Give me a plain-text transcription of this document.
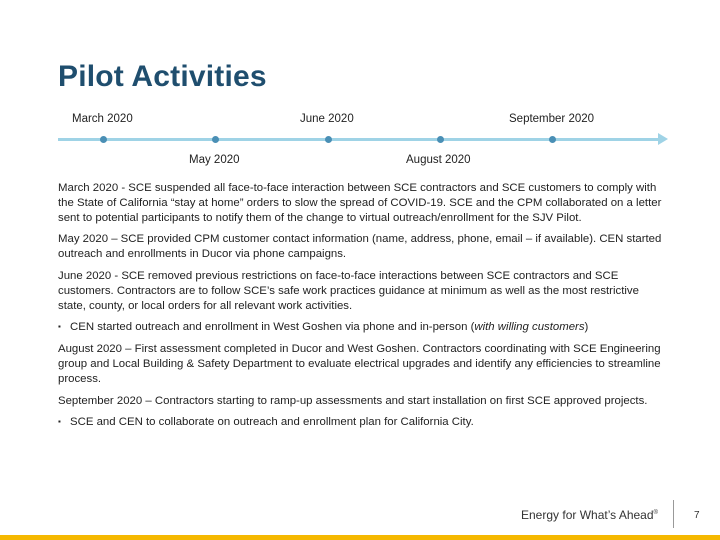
Pilot Activities
March 2020	June 2020	September 2020
May 2020	August 2020

March 2020 - SCE suspended all face-to-face interaction between SCE contractors and SCE customers to comply with the State of California “stay at home” orders to slow the spread of COVID-19. SCE and the CPM collaborated on a letter sent to potential participants to notify them of the change to virtual outreach/enrollment for the SJV Pilot.

May 2020 – SCE provided CPM customer contact information (name, address, phone, email – if available). CEN started outreach and enrollments in Ducor via phone campaigns.

June 2020 - SCE removed previous restrictions on face-to-face interactions between SCE contractors and SCE customers. Contractors are to follow SCE’s safe work practices guidance at minimum as well as the most restrictive state, county, or local orders for all relevant work activities.

▪ CEN started outreach and enrollment in West Goshen via phone and in-person (with willing customers)

August 2020 – First assessment completed in Ducor and West Goshen. Contractors coordinating with SCE Engineering group and Local Building & Safety Department to evaluate electrical upgrades and identify any efficiencies to streamline process.

September 2020 – Contractors starting to ramp-up assessments and start installation on first SCE approved projects.

▪ SCE and CEN to collaborate on outreach and enrollment plan for California City.
Energy for What’s Ahead®	7
